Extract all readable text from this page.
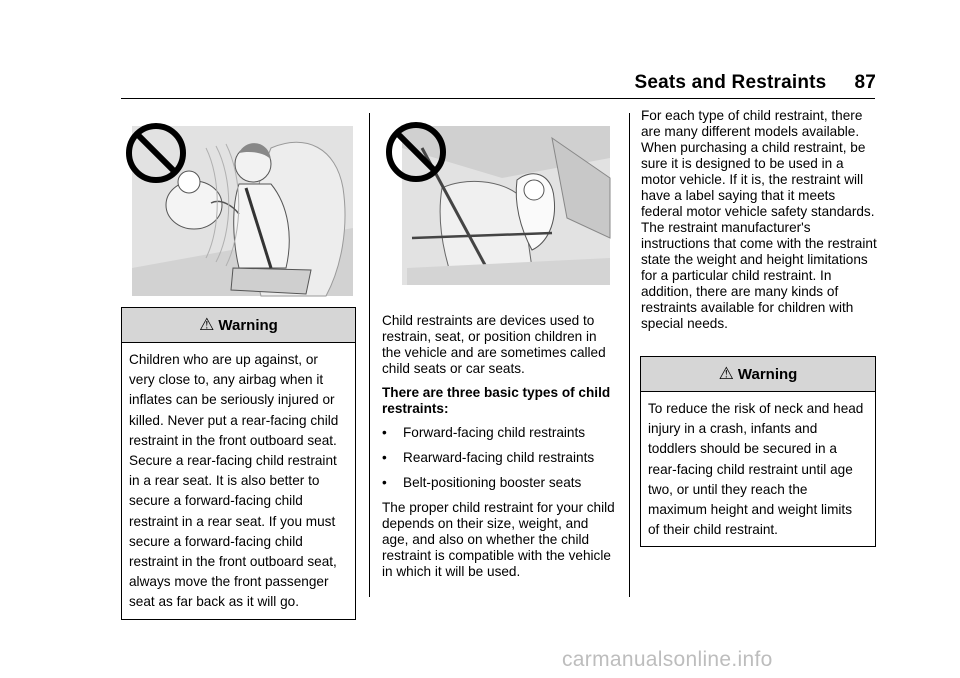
Seats and Restraints 87
⚠ Warning
Children who are up against, or very close to, any airbag when it inflates can be seriously injured or killed. Never put a rear-facing child restraint in the front outboard seat. Secure a rear-facing child restraint in a rear seat. It is also better to secure a forward-facing child restraint in a rear seat. If you must secure a forward-facing child restraint in the front outboard seat, always move the front passenger seat as far back as it will go.

Child restraints are devices used to restrain, seat, or position children in the vehicle and are sometimes called child seats or car seats.

There are three basic types of child restraints:

• Forward-facing child restraints
• Rearward-facing child restraints
• Belt-positioning booster seats

The proper child restraint for your child depends on their size, weight, and age, and also on whether the child restraint is compatible with the vehicle in which it will be used.

For each type of child restraint, there are many different models available. When purchasing a child restraint, be sure it is designed to be used in a motor vehicle. If it is, the restraint will have a label saying that it meets federal motor vehicle safety standards. The restraint manufacturer's instructions that come with the restraint state the weight and height limitations for a particular child restraint. In addition, there are many kinds of restraints available for children with special needs.

⚠ Warning
To reduce the risk of neck and head injury in a crash, infants and toddlers should be secured in a rear-facing child restraint until age two, or until they reach the maximum height and weight limits of their child restraint.
carmanualsonline.info
